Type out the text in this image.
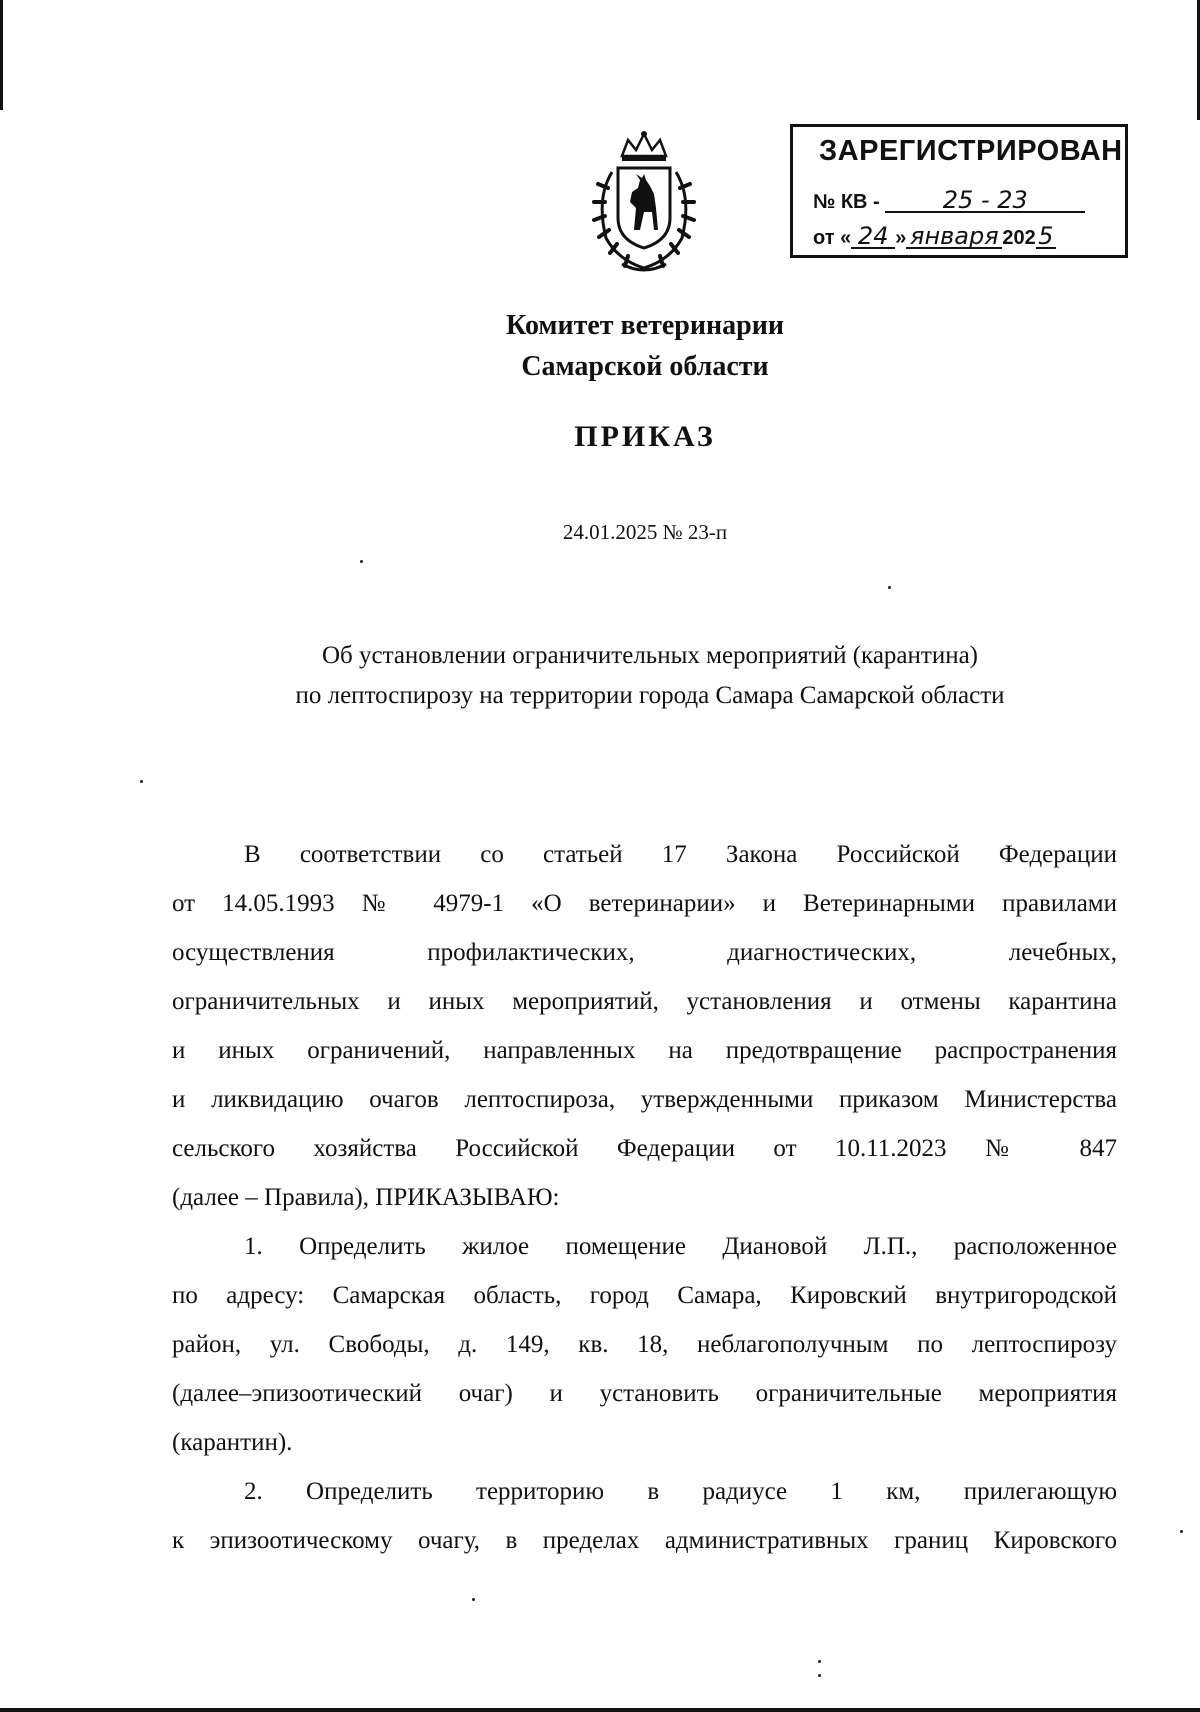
ЗАРЕГИСТРИРОВАН
№ КВ -	25 - 23
от « 24 » января 2025
Комитет ветеринарии
Самарской области
ПРИКАЗ
24.01.2025 № 23-п
Об установлении ограничительных мероприятий (карантина)
по лептоспирозу на территории города Самара Самарской области
В соответствии со статьей 17 Закона Российской Федерации
от 14.05.1993 № 4979-1 «О ветеринарии» и Ветеринарными правилами
осуществления профилактических, диагностических, лечебных,
ограничительных и иных мероприятий, установления и отмены карантина
и иных ограничений, направленных на предотвращение распространения
и ликвидацию очагов лептоспироза, утвержденными приказом Министерства
сельского хозяйства Российской Федерации от 10.11.2023 № 847
(далее – Правила), ПРИКАЗЫВАЮ:
1. Определить жилое помещение Диановой Л.П., расположенное
по адресу: Самарская область, город Самара, Кировский внутригородской
район, ул. Свободы, д. 149, кв. 18, неблагополучным по лептоспирозу
(далее–эпизоотический очаг) и установить ограничительные мероприятия
(карантин).
2. Определить территорию в радиусе 1 км, прилегающую
к эпизоотическому очагу, в пределах административных границ Кировского
